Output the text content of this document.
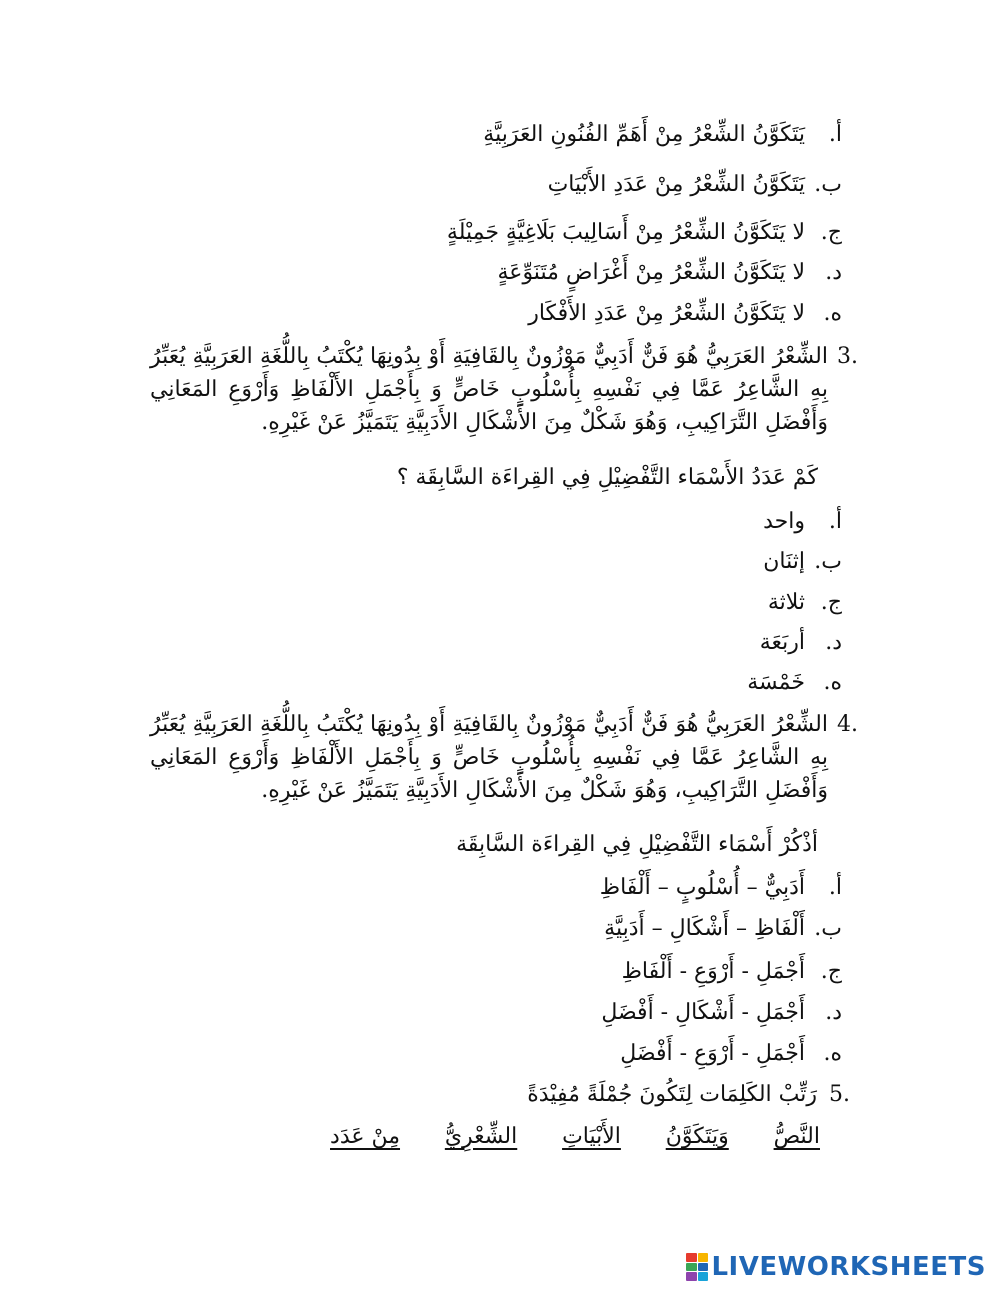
أ. يَتَكَوَّنُ الشِّعْرُ مِنْ أَهَمِّ الفُنُونِ العَرَبِيَّةِ
ب. يَتَكَوَّنُ الشِّعْرُ مِنْ عَدَدِ الأَبْيَاتِ
ج. لا يَتَكَوَّنُ الشِّعْرُ مِنْ أَسَالِيبَ بَلَاغِيَّةٍ جَمِيْلَةٍ
د. لا يَتَكَوَّنُ الشِّعْرُ مِنْ أَغْرَاضٍ مُتَنَوِّعَةٍ
ه. لا يَتَكَوَّنُ الشِّعْرُ مِنْ عَدَدِ الأَفْكَار
3.
الشِّعْرُ العَرَبِيُّ هُوَ فَنٌّ أَدَبِيٌّ مَوْزُونٌ بِالقَافِيَةِ أَوْ بِدُونِهَا يُكْتَبُ بِاللُّغَةِ العَرَبِيَّةِ يُعَبِّرُ بِهِ الشَّاعِرُ عَمَّا فِي نَفْسِهِ بِأُسْلُوبٍ خَاصٍّ وَ بِأَجْمَلِ الأَلْفَاظِ وَأَرْوَعِ المَعَانِي وَأَفْضَلِ التَّرَاكِيبِ، وَهُوَ شَكْلٌ مِنَ الأَشْكَالِ الأَدَبِيَّةِ يَتَمَيَّزُ عَنْ غَيْرِهِ.
كَمْ عَدَدُ الأَسْمَاء التَّفْضِيْلِ فِي القِراءَة السَّابِقَة ؟
أ. واحد
ب. إثنَان
ج. ثلاثة
د. أربَعَة
ه. خَمْسَة
4.
الشِّعْرُ العَرَبِيُّ هُوَ فَنٌّ أَدَبِيٌّ مَوْزُونٌ بِالقَافِيَةِ أَوْ بِدُونِهَا يُكْتَبُ بِاللُّغَةِ العَرَبِيَّةِ يُعَبِّرُ بِهِ الشَّاعِرُ عَمَّا فِي نَفْسِهِ بِأُسْلُوبٍ خَاصٍّ وَ بِأَجْمَلِ الأَلْفَاظِ وَأَرْوَعِ المَعَانِي وَأَفْضَلِ التَّرَاكِيبِ، وَهُوَ شَكْلٌ مِنَ الأَشْكَالِ الأَدَبِيَّةِ يَتَمَيَّزُ عَنْ غَيْرِهِ.
أذْكُرْ أَسْمَاء التَّفْضِيْلِ فِي القِراءَة السَّابِقَة
أ. أَدَبِيٌّ – أُسْلُوبٍ – أَلْفَاظِ
ب. أَلْفَاظِ – أَشْكَالِ – أَدَبِيَّةِ
ج. أَجْمَلِ - أَرْوَعِ - أَلْفَاظِ
د. أَجْمَلِ - أَشْكَالِ - أَفْضَلِ
ه. أَجْمَلِ - أَرْوَعِ - أَفْضَلِ
5.رَتِّبْ الكَلِمَات لِتَكُونَ جُمْلَةً مُفِيْدَةً
النَّصُّ
وَيَتَكَوَّنُ
الأَبْيَاتِ
الشِّعْرِيُّ
مِنْ عَدَد
LIVEWORKSHEETS
